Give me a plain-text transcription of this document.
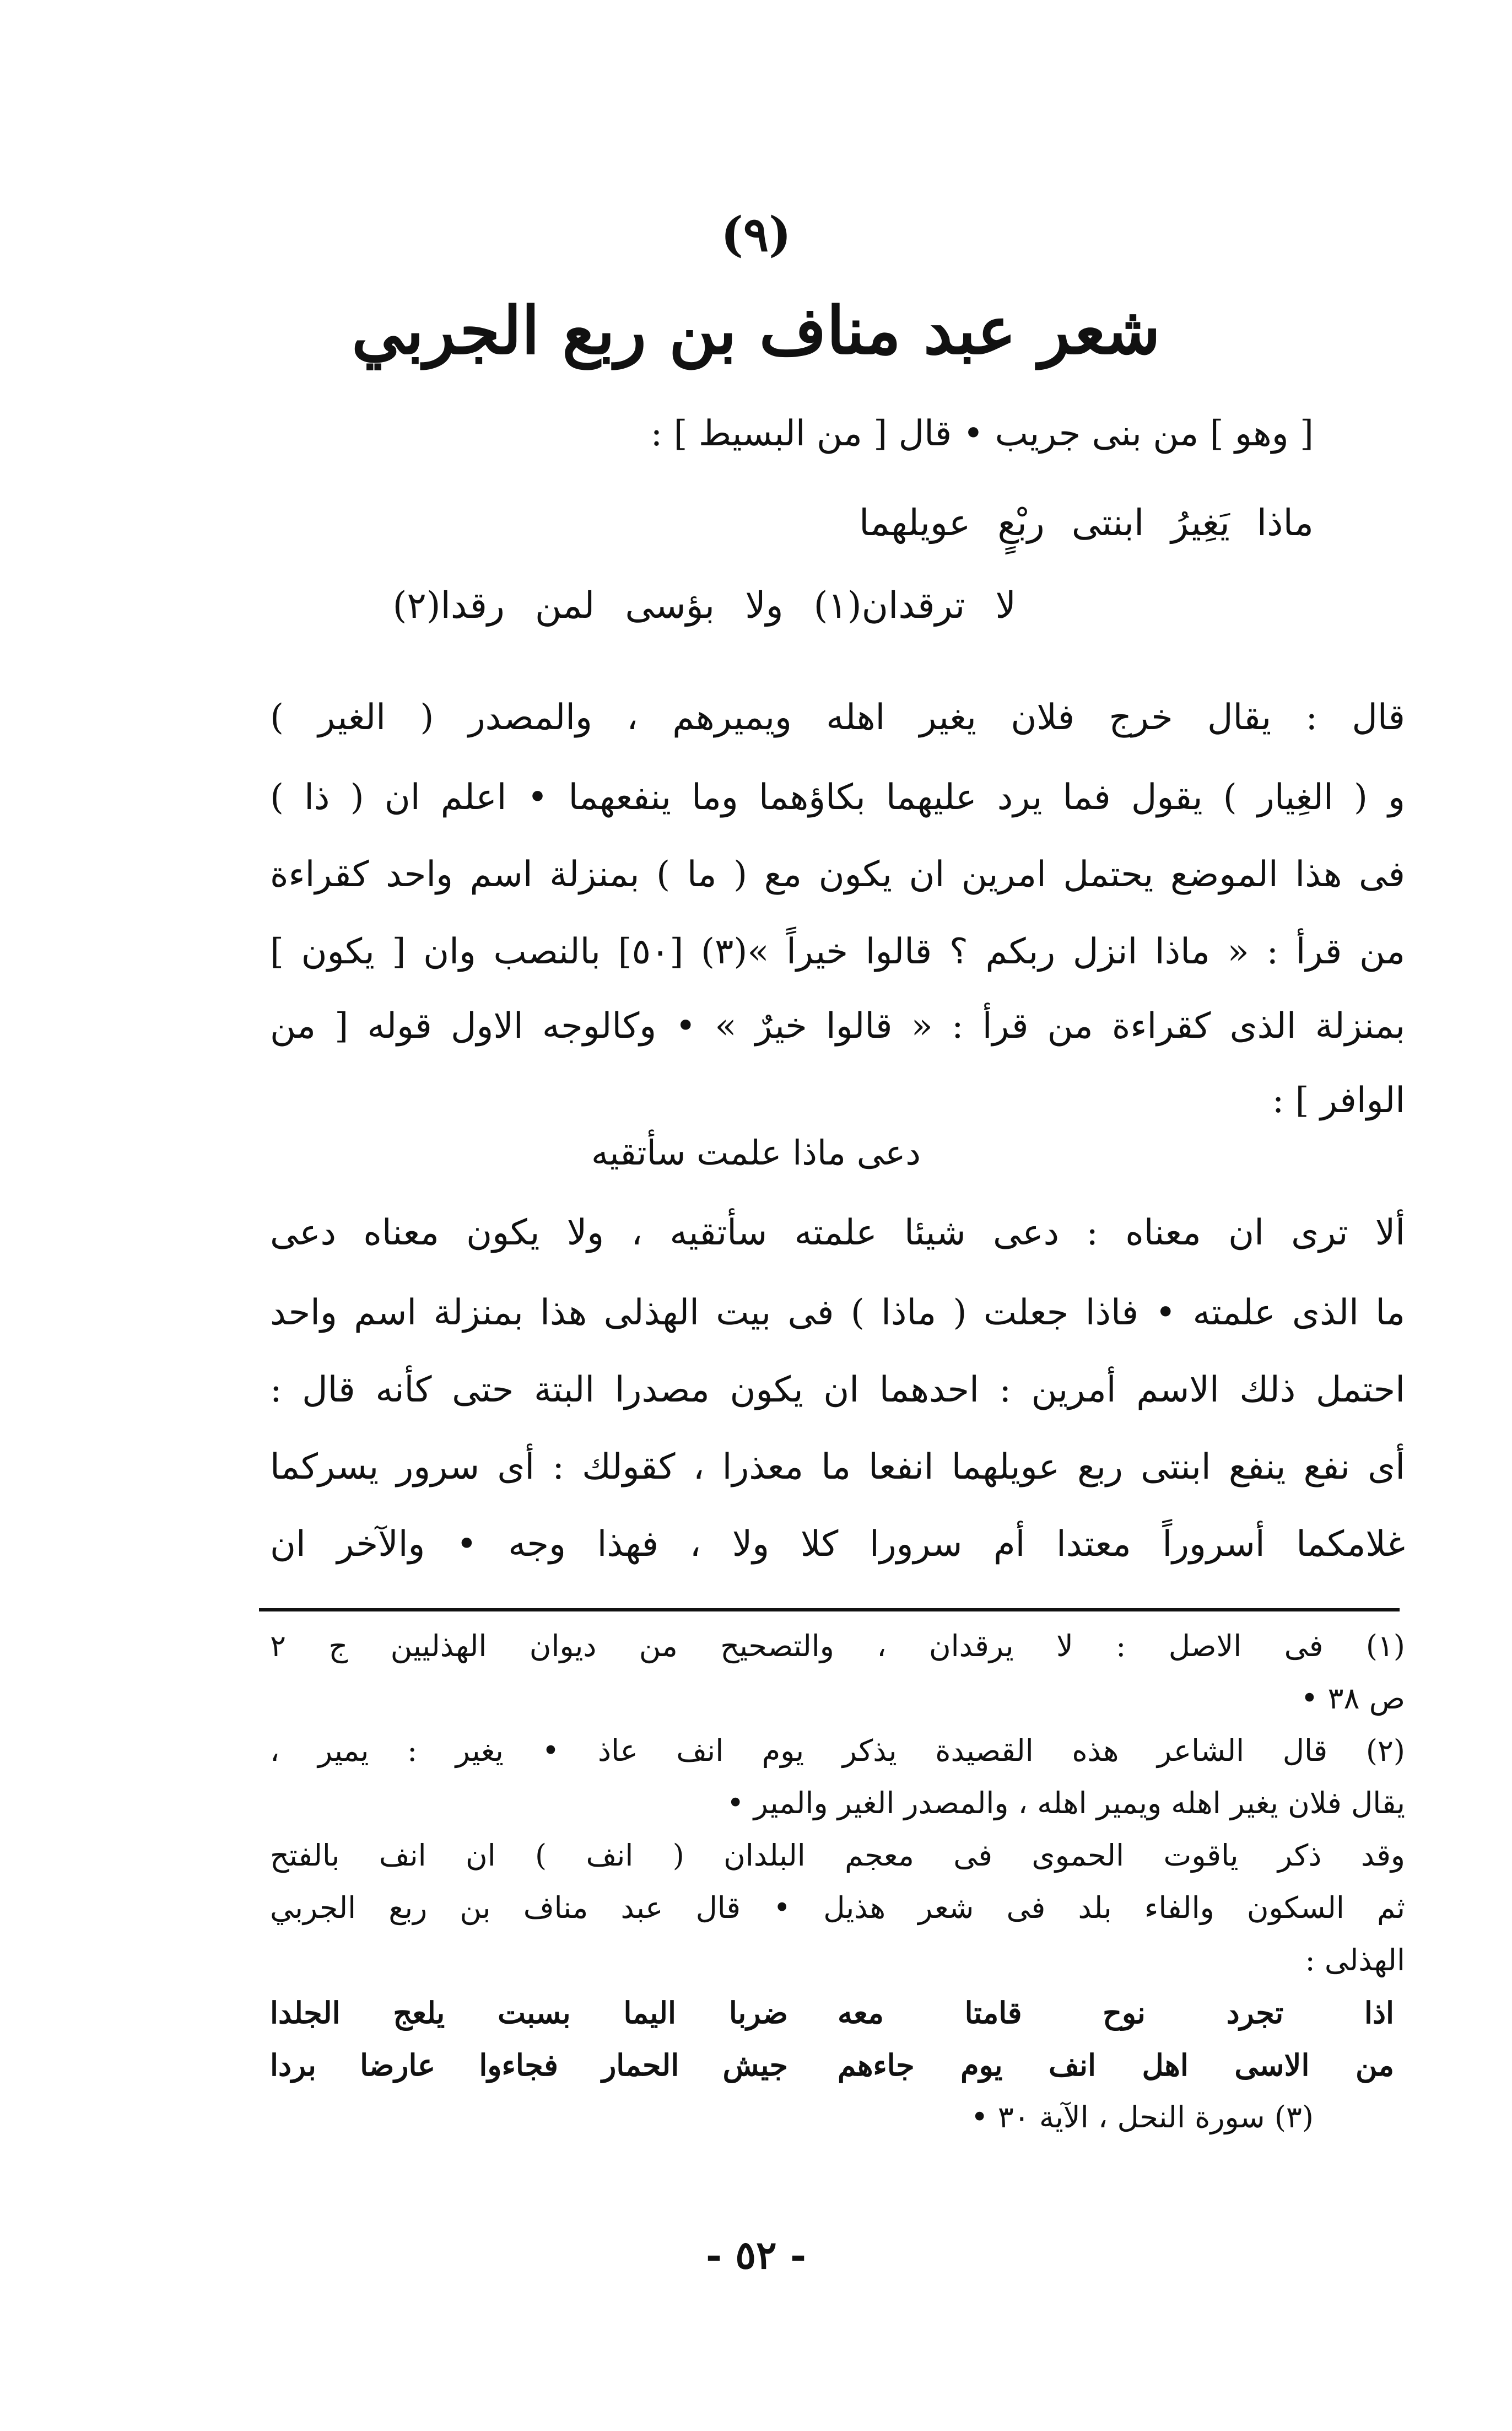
(٩)
شعر عبد مناف بن ربع الجربي
[ وهو ] من بنى جريب • قال [ من البسيط ] :
ماذا يَغِيرُ ابنتى ربْعٍ عويلهما
لا ترقدان(١) ولا بؤسى لمن رقدا(٢)
قال : يقال خرج فلان يغير اهله ويميرهم ، والمصدر ( الغير )
و ( الغِيار ) يقول فما يرد عليهما بكاؤهما وما ينفعهما • اعلم ان ( ذا )
فى هذا الموضع يحتمل امرين ان يكون مع ( ما ) بمنزلة اسم واحد كقراءة
من قرأ : « ماذا انزل ربكم ؟ قالوا خيراً »(٣) [٥٠] بالنصب وان [ يكون ]
بمنزلة الذى كقراءة من قرأ : « قالوا خيرٌ » • وكالوجه الاول قوله [ من
الوافر ] :
دعى ماذا علمت سأتقيه
ألا ترى ان معناه : دعى شيئا علمته سأتقيه ، ولا يكون معناه دعى
ما الذى علمته • فاذا جعلت ( ماذا ) فى بيت الهذلى هذا بمنزلة اسم واحد
احتمل ذلك الاسم أمرين : احدهما ان يكون مصدرا البتة حتى كأنه قال :
أى نفع ينفع ابنتى ربع عويلهما انفعا ما معذرا ، كقولك : أى سرور يسركما
غلامكما أسروراً معتدا أم سرورا كلا ولا ، فهذا وجه • والآخر ان
(١) فى الاصل : لا يرقدان ، والتصحيح من ديوان الهذليين ج ٢
ص ٣٨ •
(٢) قال الشاعر هذه القصيدة يذكر يوم انف عاذ • يغير : يمير ،
يقال فلان يغير اهله ويمير اهله ، والمصدر الغير والمير •
وقد ذكر ياقوت الحموى فى معجم البلدان ( انف ) ان انف بالفتح
ثم السكون والفاء بلد فى شعر هذيل • قال عبد مناف بن ربع الجربي
الهذلى :
اذا تجرد نوح قامتا معه
ضربا اليما بسبت يلعج الجلدا
من الاسى اهل انف يوم جاءهم
جيش الحمار فجاءوا عارضا بردا
(٣) سورة النحل ، الآية ٣٠ •
- ٥٢ -
